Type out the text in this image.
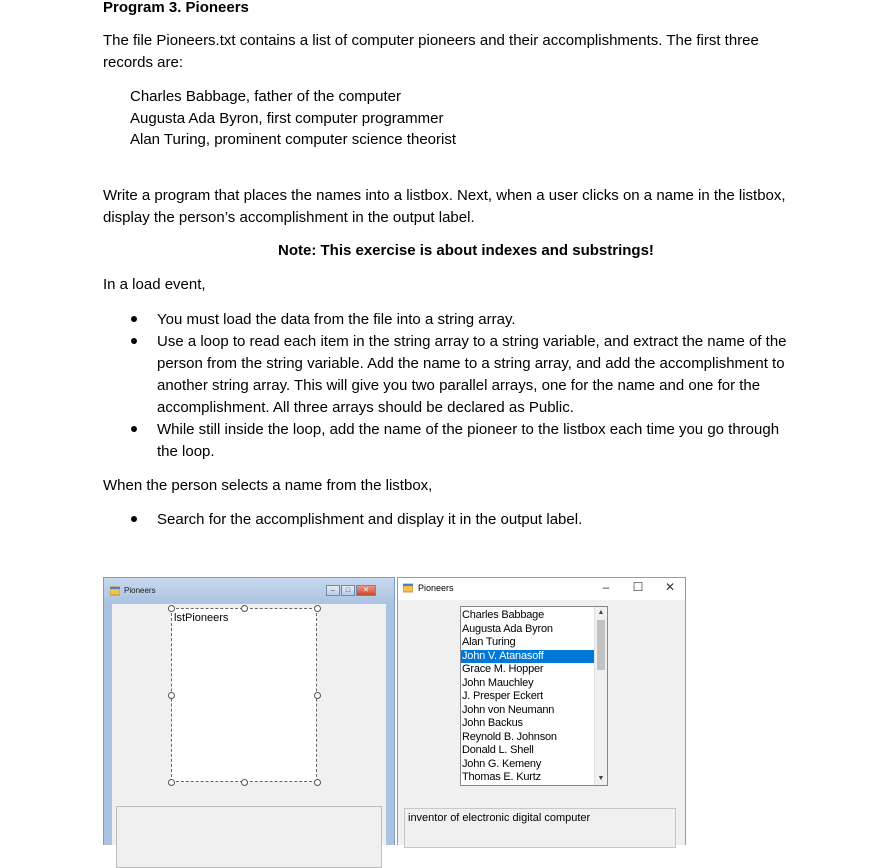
Program 3. Pioneers
The file Pioneers.txt contains a list of computer pioneers and their accomplishments. The first three
records are:
Charles Babbage, father of the computer
Augusta Ada Byron, first computer programmer
Alan Turing, prominent computer science theorist
Write a program that places the names into a listbox. Next, when a user clicks on a name in the listbox,
display the person’s accomplishment in the output label.
Note: This exercise is about indexes and substrings!
In a load event,
You must load the data from the file into a string array.
Use a loop to read each item in the string array to a string variable, and extract the name of the
person from the string variable. Add the name to a string array, and add the accomplishment to
another string array. This will give you two parallel arrays, one for the name and one for the
accomplishment. All three arrays should be declared as Public.
While still inside the loop, add the name of the pioneer to the listbox each time you go through
the loop.
When the person selects a name from the listbox,
Search for the accomplishment and display it in the output label.
Pioneers	–	□	✕
lstPioneers
Pioneers	–	☐	✕
Charles Babbage
Augusta Ada Byron
Alan Turing
John V. Atanasoff
Grace M. Hopper
John Mauchley
J. Presper Eckert
John von Neumann
John Backus
Reynold B. Johnson
Donald L. Shell
John G. Kemeny
Thomas E. Kurtz
▲
▼
inventor of electronic digital computer
